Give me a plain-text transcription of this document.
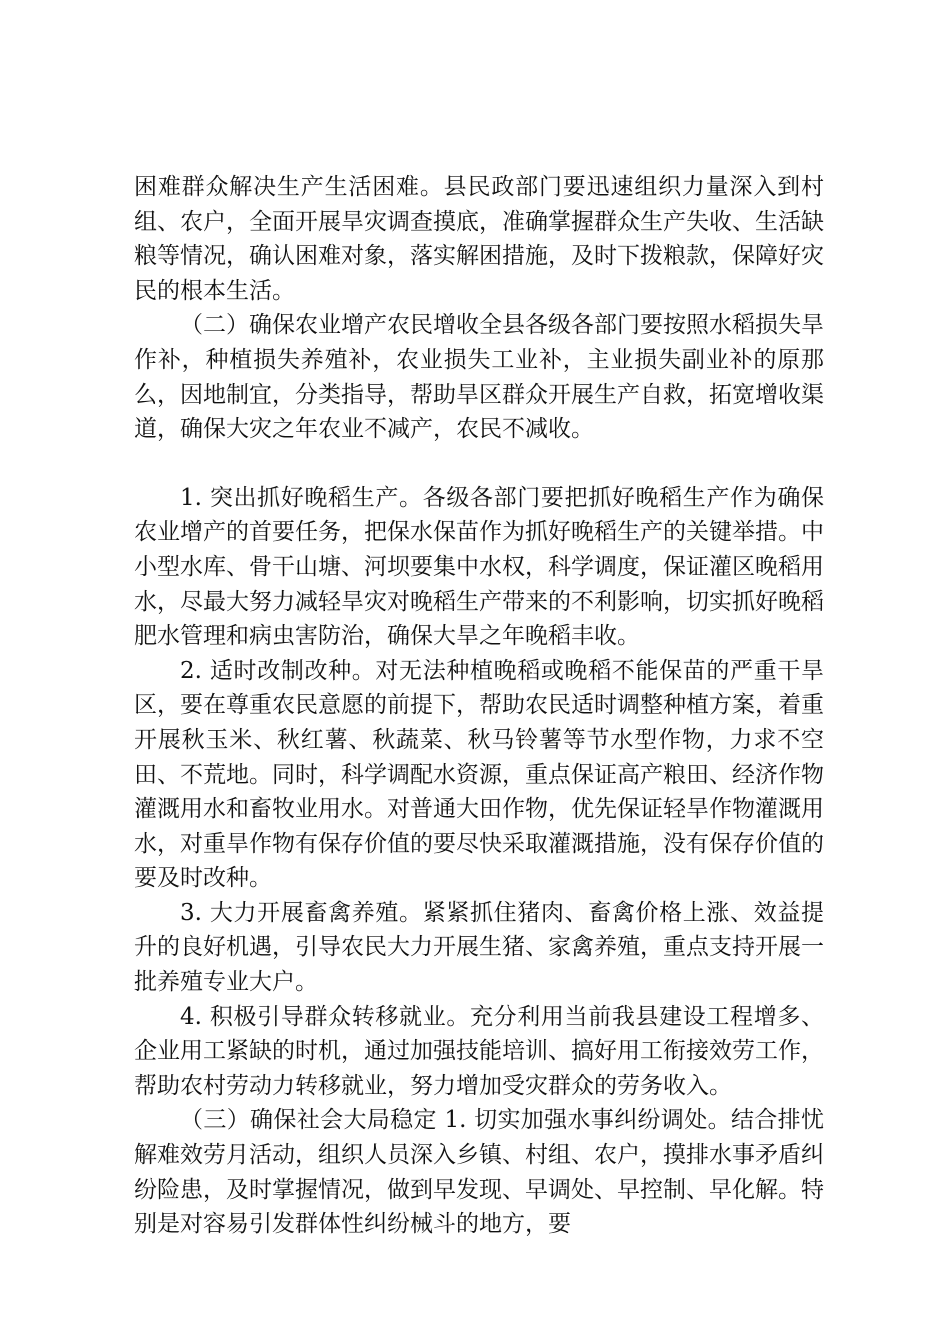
困难群众解决生产生活困难。县民政部门要迅速组织力量深入到村组、农户，全面开展旱灾调查摸底，准确掌握群众生产失收、生活缺粮等情况，确认困难对象，落实解困措施，及时下拨粮款，保障好灾民的根本生活。

（二）确保农业增产农民增收全县各级各部门要按照水稻损失旱作补，种植损失养殖补，农业损失工业补，主业损失副业补的原那么，因地制宜，分类指导，帮助旱区群众开展生产自救，拓宽增收渠道，确保大灾之年农业不减产，农民不减收。

1. 突出抓好晚稻生产。各级各部门要把抓好晚稻生产作为确保农业增产的首要任务，把保水保苗作为抓好晚稻生产的关键举措。中小型水库、骨干山塘、河坝要集中水权，科学调度，保证灌区晚稻用水，尽最大努力减轻旱灾对晚稻生产带来的不利影响，切实抓好晚稻肥水管理和病虫害防治，确保大旱之年晚稻丰收。

2. 适时改制改种。对无法种植晚稻或晚稻不能保苗的严重干旱区，要在尊重农民意愿的前提下，帮助农民适时调整种植方案，着重开展秋玉米、秋红薯、秋蔬菜、秋马铃薯等节水型作物，力求不空田、不荒地。同时，科学调配水资源，重点保证高产粮田、经济作物灌溉用水和畜牧业用水。对普通大田作物，优先保证轻旱作物灌溉用水，对重旱作物有保存价值的要尽快采取灌溉措施，没有保存价值的要及时改种。

3. 大力开展畜禽养殖。紧紧抓住猪肉、畜禽价格上涨、效益提升的良好机遇，引导农民大力开展生猪、家禽养殖，重点支持开展一批养殖专业大户。

4. 积极引导群众转移就业。充分利用当前我县建设工程增多、企业用工紧缺的时机，通过加强技能培训、搞好用工衔接效劳工作，帮助农村劳动力转移就业，努力增加受灾群众的劳务收入。

（三）确保社会大局稳定 1. 切实加强水事纠纷调处。结合排忧解难效劳月活动，组织人员深入乡镇、村组、农户，摸排水事矛盾纠纷险患，及时掌握情况，做到早发现、早调处、早控制、早化解。特别是对容易引发群体性纠纷械斗的地方，要
